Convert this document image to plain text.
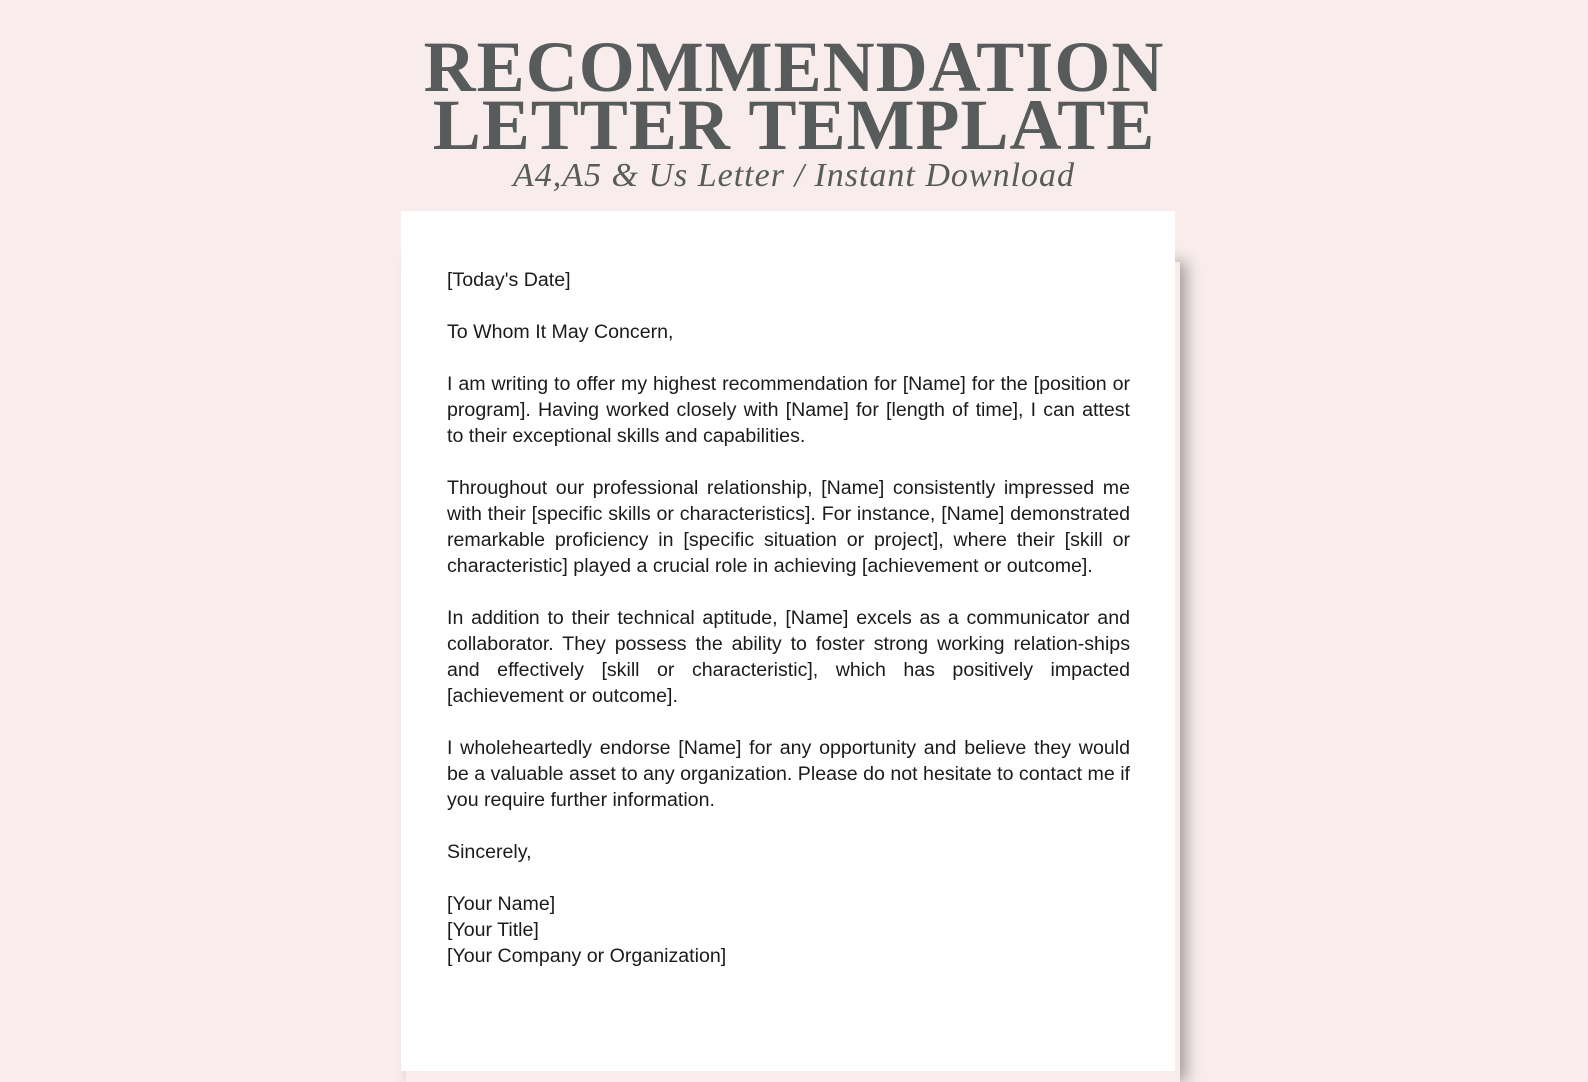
RECOMMENDATION
LETTER TEMPLATE
A4,A5 & Us Letter / Instant Download

[Today's Date]

To Whom It May Concern,

I am writing to offer my highest recommendation for [Name] for the [position or program]. Having worked closely with [Name] for [length of time], I can attest to their exceptional skills and capabilities.

Throughout our professional relationship, [Name] consistently impressed me with their [specific skills or characteristics]. For instance, [Name] demonstrated remarkable proficiency in [specific situation or project], where their [skill or characteristic] played a crucial role in achieving [achievement or outcome].

In addition to their technical aptitude, [Name] excels as a communicator and collaborator. They possess the ability to foster strong working relation-ships and effectively [skill or characteristic], which has positively impacted [achievement or outcome].

I wholeheartedly endorse [Name] for any opportunity and believe they would be a valuable asset to any organization. Please do not hesitate to contact me if you require further information.

Sincerely,

[Your Name]
[Your Title]
[Your Company or Organization]
